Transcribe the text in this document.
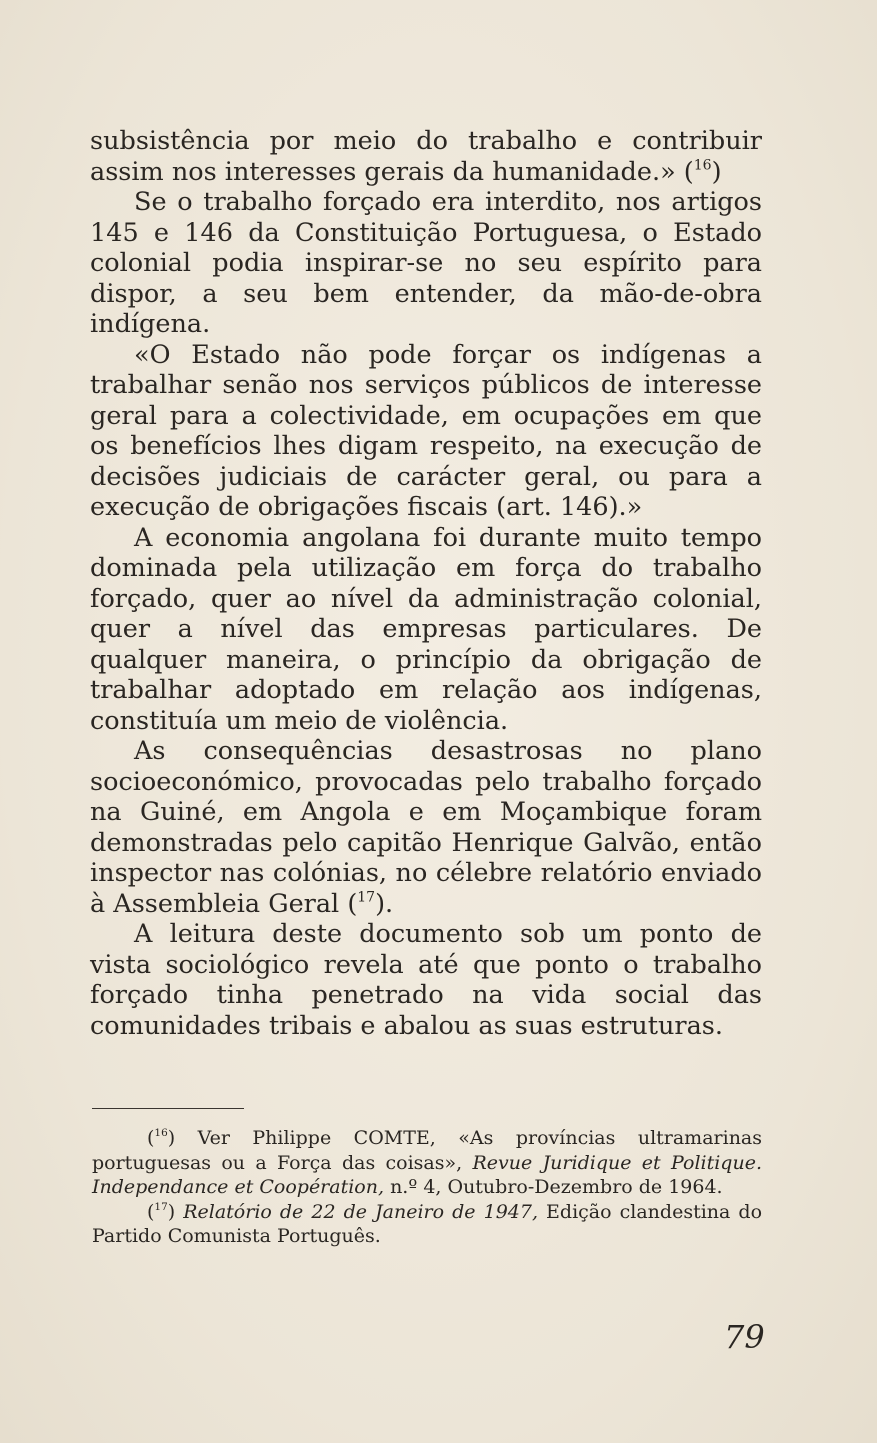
subsistência por meio do trabalho e contribuir assim nos interesses gerais da humanidade.» ($^{16}$)

Se o trabalho forçado era interdito, nos artigos 145 e 146 da Constituição Portuguesa, o Estado colonial podia inspirar-se no seu espírito para dispor, a seu bem entender, da mão-de-obra indígena.

«O Estado não pode forçar os indígenas a trabalhar senão nos serviços públicos de interesse geral para a colectividade, em ocupações em que os benefícios lhes digam respeito, na execução de decisões judiciais de carácter geral, ou para a execução de obrigações fiscais (art. 146).»

A economia angolana foi durante muito tempo dominada pela utilização em força do trabalho forçado, quer ao nível da administração colonial, quer a nível das empresas particulares. De qualquer maneira, o princípio da obrigação de trabalhar adoptado em relação aos indígenas, constituía um meio de violência.

As consequências desastrosas no plano socioeconómico, provocadas pelo trabalho forçado na Guiné, em Angola e em Moçambique foram demonstradas pelo capitão Henrique Galvão, então inspector nas colónias, no célebre relatório enviado à Assembleia Geral ($^{17}$).

A leitura deste documento sob um ponto de vista sociológico revela até que ponto o trabalho forçado tinha penetrado na vida social das comunidades tribais e abalou as suas estruturas.

($^{16}$) Ver Philippe COMTE, «As províncias ultramarinas portuguesas ou a Força das coisas», Revue Juridique et Politique. Independance et Coopération, n.º 4, Outubro-Dezembro de 1964.

($^{17}$) Relatório de 22 de Janeiro de 1947, Edição clandestina do Partido Comunista Português.

79
